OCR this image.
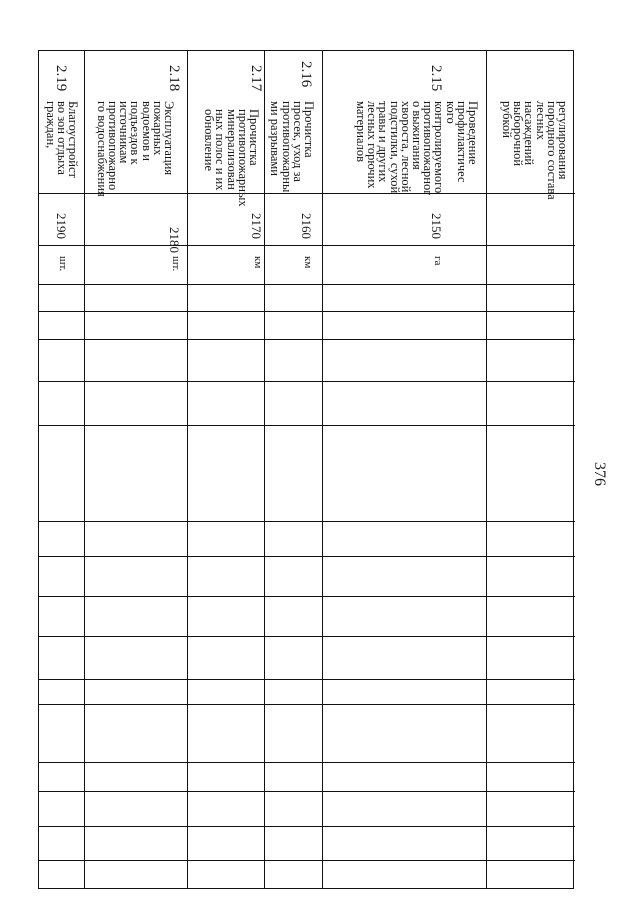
376
2.19
Благоустройст
во зон отдыха
граждан,
2190
шт.
2.18
Эксплуатация
пожарных
водоемов и
подъездов к
источникам
противопожарно
го водоснабжения
2180
шт.
2.17
Прочистка
противопожарных
минерализован
ных полос и их
обновление
2170
км
2.16
Прочистка
просек, уход за
противопожарны
ми разрывами
2160
км
2.15
Проведение
профилактичес
кого
контролируемого
противопожарног
о выжигания
хвороста, лесной
подстилки, сухой
травы и других
лесных горючих
материалов
2150
га
регулирования
породного состава
лесных
насаждений
выборочной
рубкой
